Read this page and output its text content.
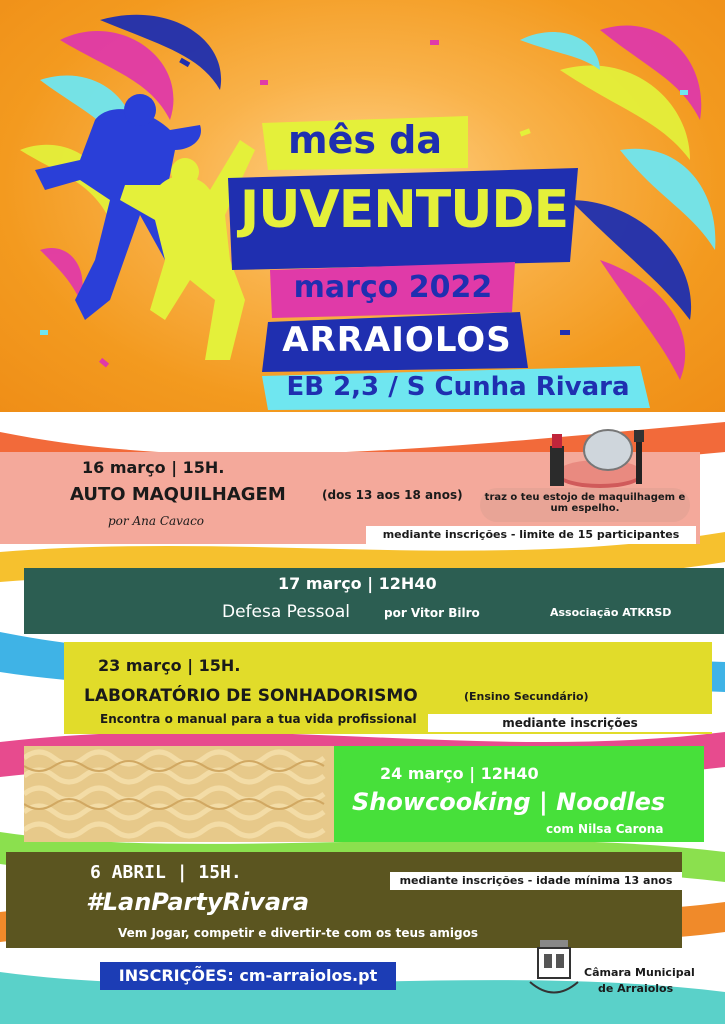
mês da
JUVENTUDE
março 2022
ARRAIOLOS
EB 2,3 / S Cunha Rivara
16 março | 15H.
AUTO MAQUILHAGEM	(dos 13 aos 18 anos)
por Ana Cavaco
traz o teu estojo de maquilhagem e um espelho.
mediante inscrições - limite de 15 participantes
17 março | 12H40
Defesa Pessoal	por Vitor Bilro	Associação ATKRSD
23 março | 15H.
LABORATÓRIO DE SONHADORISMO	(Ensino Secundário)
Encontra o manual para a tua vida profissional	mediante inscrições
24 março | 12H40
Showcooking | Noodles
com Nilsa Carona
6 ABRIL | 15H.
#LanPartyRivara
Vem Jogar, competir e divertir-te com os teus amigos
mediante inscrições - idade mínima 13 anos
INSCRIÇÕES: cm-arraiolos.pt	Câmara Municipal
de Arraiolos
